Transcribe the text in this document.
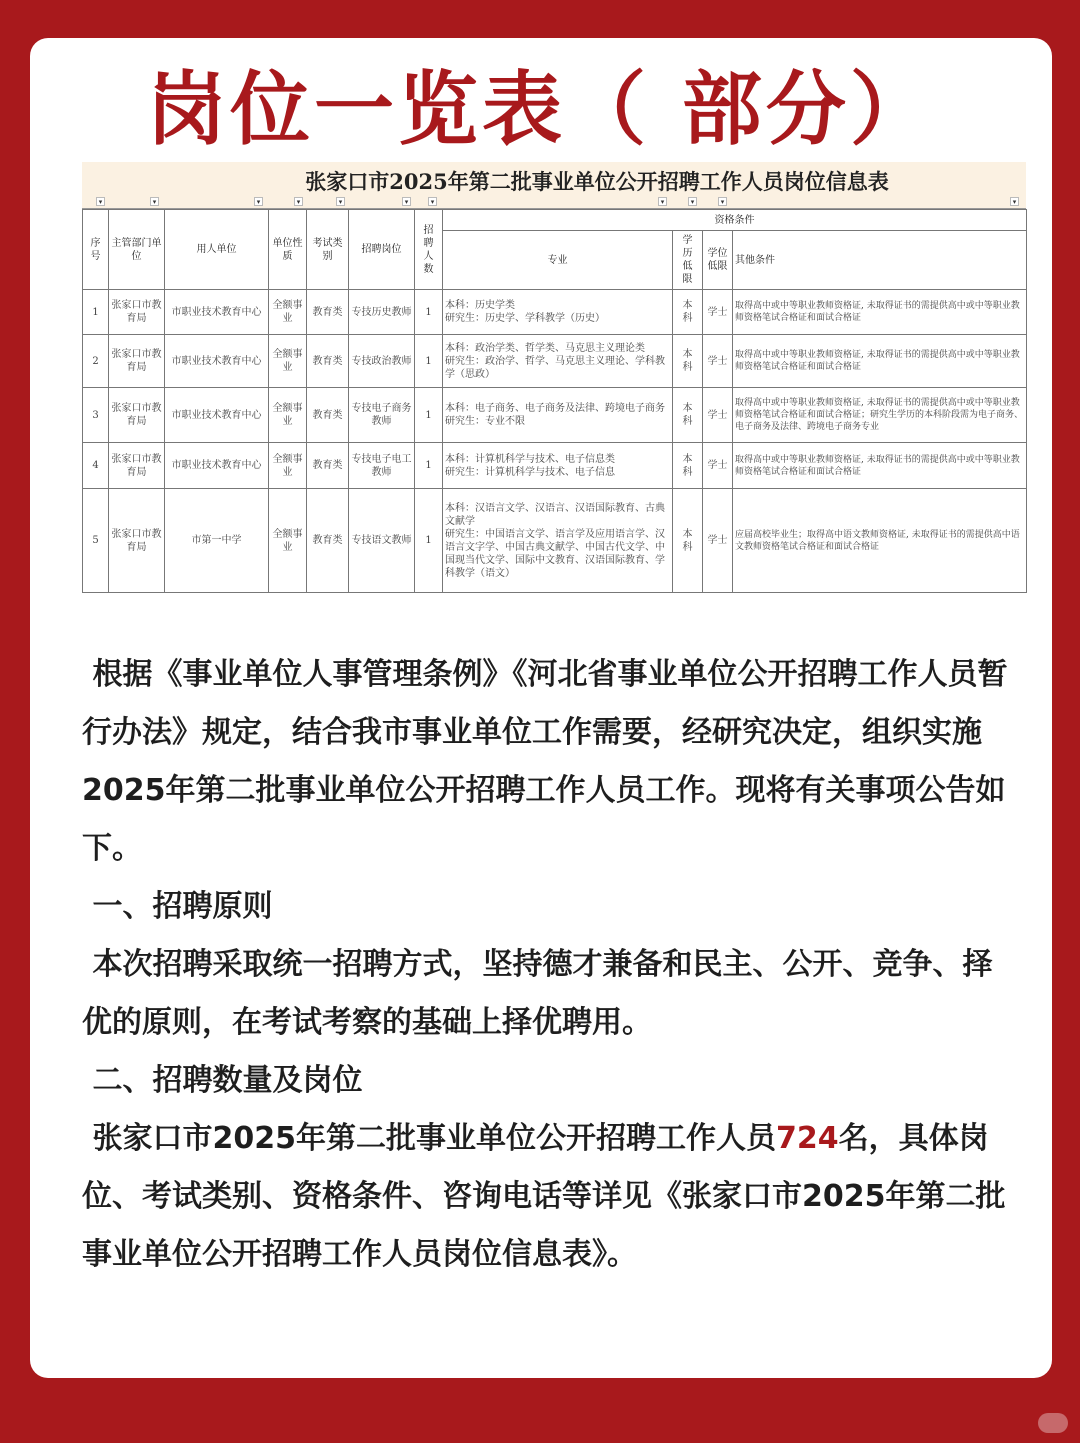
岗位一览表（ 部分）
张家口市2025年第二批事业单位公开招聘工作人员岗位信息表
▾	▾	▾	▾	▾	▾	▾	▾	▾	▾	▾
序号	主管部门单位	用人单位	单位性质	考试类别	招聘岗位	招聘人数	资格条件			
							专业	学历低限	学位低限	其他条件
1	张家口市教育局	市职业技术教育中心	全额事业	教育类	专技历史教师	1	本科：历史学类
研究生：历史学、学科教学（历史）	本科	学士	取得高中或中等职业教师资格证, 未取得证书的需提供高中或中等职业教师资格笔试合格证和面试合格证
2	张家口市教育局	市职业技术教育中心	全额事业	教育类	专技政治教师	1	本科：政治学类、哲学类、马克思主义理论类
研究生：政治学、哲学、马克思主义理论、学科教学（思政）	本科	学士	取得高中或中等职业教师资格证, 未取得证书的需提供高中或中等职业教师资格笔试合格证和面试合格证
3	张家口市教育局	市职业技术教育中心	全额事业	教育类	专技电子商务教师	1	本科：电子商务、电子商务及法律、跨境电子商务
研究生：专业不限	本科	学士	取得高中或中等职业教师资格证, 未取得证书的需提供高中或中等职业教师资格笔试合格证和面试合格证；研究生学历的本科阶段需为电子商务、电子商务及法律、跨境电子商务专业
4	张家口市教育局	市职业技术教育中心	全额事业	教育类	专技电子电工教师	1	本科：计算机科学与技术、电子信息类
研究生：计算机科学与技术、电子信息	本科	学士	取得高中或中等职业教师资格证, 未取得证书的需提供高中或中等职业教师资格笔试合格证和面试合格证
5	张家口市教育局	市第一中学	全额事业	教育类	专技语文教师	1	本科：汉语言文学、汉语言、汉语国际教育、古典文献学
研究生：中国语言文学、语言学及应用语言学、汉语言文字学、中国古典文献学、中国古代文学、中国现当代文学、国际中文教育、汉语国际教育、学科教学（语文）	本科	学士	应届高校毕业生；取得高中语文教师资格证, 未取得证书的需提供高中语文教师资格笔试合格证和面试合格证

根据《事业单位人事管理条例》《河北省事业单位公开招聘工作人员暂行办法》规定，结合我市事业单位工作需要，经研究决定，组织实施2025年第二批事业单位公开招聘工作人员工作。现将有关事项公告如下。

一、招聘原则

本次招聘采取统一招聘方式，坚持德才兼备和民主、公开、竞争、择优的原则，在考试考察的基础上择优聘用。

二、招聘数量及岗位

张家口市2025年第二批事业单位公开招聘工作人员724名，具体岗位、考试类别、资格条件、咨询电话等详见《张家口市2025年第二批事业单位公开招聘工作人员岗位信息表》。
